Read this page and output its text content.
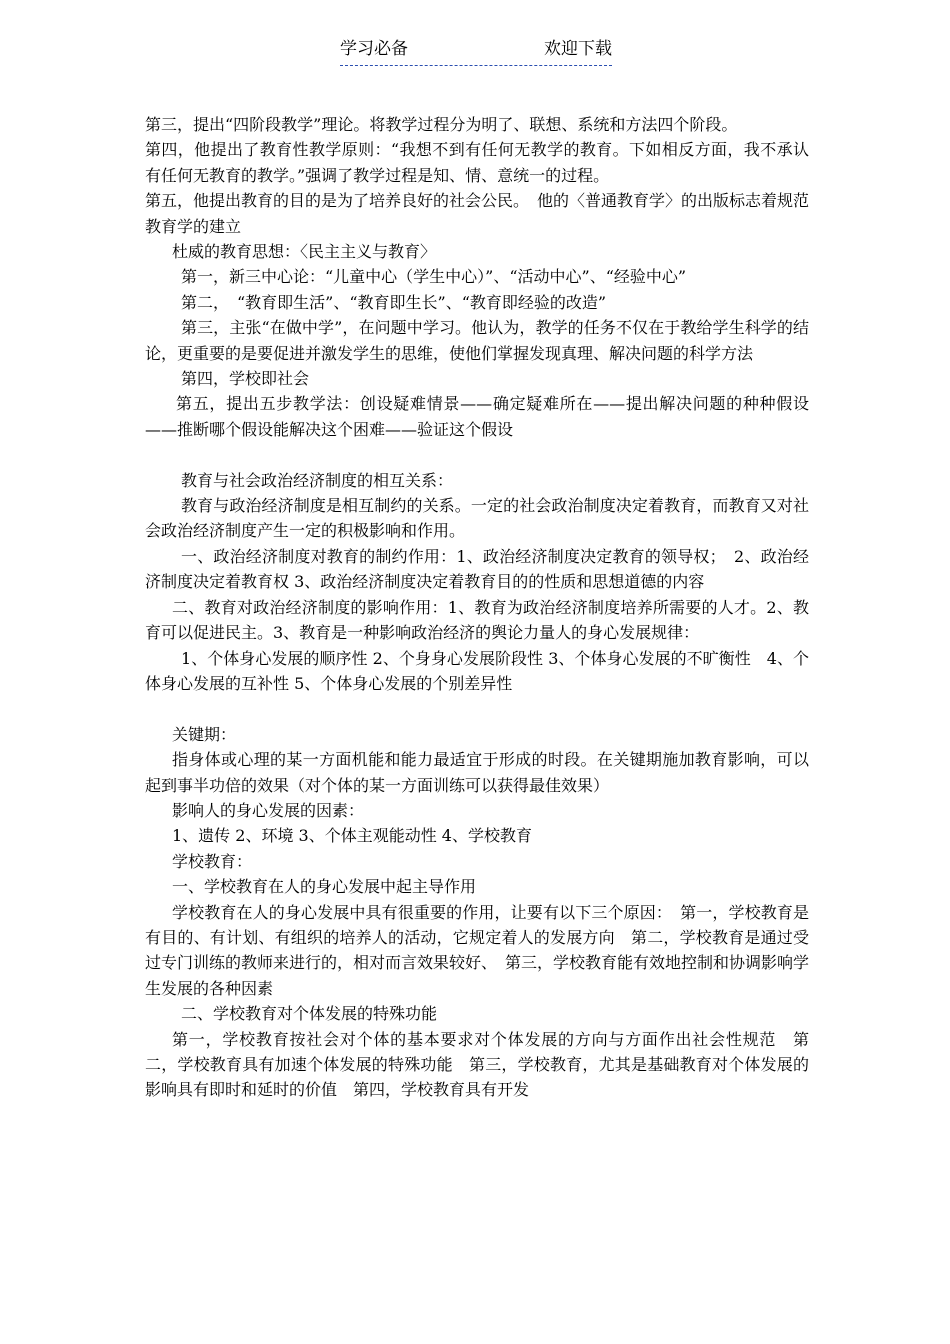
学习必备	欢迎下载

第三，提出“四阶段教学”理论。将教学过程分为明了、联想、系统和方法四个阶段。

第四，他提出了教育性教学原则：“我想不到有任何无教学的教育。下如相反方面，我不承认有任何无教育的教学。”强调了教学过程是知、情、意统一的过程。

第五，他提出教育的目的是为了培养良好的社会公民。　他的〈普通教育学〉的出版标志着规范教育学的建立

杜威的教育思想：〈民主主义与教育〉

第一，新三中心论：“儿童中心（学生中心）”、“活动中心”、“经验中心”

第二，　“教育即生活”、“教育即生长”、“教育即经验的改造”

第三，主张“在做中学”，在问题中学习。他认为，教学的任务不仅在于教给学生科学的结论，更重要的是要促进并激发学生的思维，使他们掌握发现真理、解决问题的科学方法

第四，学校即社会

第五，提出五步教学法：创设疑难情景——确定疑难所在——提出解决问题的种种假设——推断哪个假设能解决这个困难——验证这个假设

教育与社会政治经济制度的相互关系：

教育与政治经济制度是相互制约的关系。一定的社会政治制度决定着教育，而教育又对社会政治经济制度产生一定的积极影响和作用。

一、政治经济制度对教育的制约作用：1、政治经济制度决定教育的领导权；　2、政治经济制度决定着教育权 3、政治经济制度决定着教育目的的性质和思想道德的内容

二、教育对政治经济制度的影响作用：1、教育为政治经济制度培养所需要的人才。2、教育可以促进民主。3、教育是一种影响政治经济的舆论力量人的身心发展规律：

1、个体身心发展的顺序性 2、个身身心发展阶段性 3、个体身心发展的不旷衡性　4、个体身心发展的互补性 5、个体身心发展的个别差异性

关键期：

指身体或心理的某一方面机能和能力最适宜于形成的时段。在关键期施加教育影响，可以起到事半功倍的效果（对个体的某一方面训练可以获得最佳效果）

影响人的身心发展的因素：

1、遗传 2、环境 3、个体主观能动性 4、学校教育

学校教育：

一、学校教育在人的身心发展中起主导作用

学校教育在人的身心发展中具有很重要的作用，让要有以下三个原因：　第一，学校教育是有目的、有计划、有组织的培养人的活动，它规定着人的发展方向　第二，学校教育是通过受过专门训练的教师来进行的，相对而言效果较好、　第三，学校教育能有效地控制和协调影响学生发展的各种因素

二、学校教育对个体发展的特殊功能

第一，学校教育按社会对个体的基本要求对个体发展的方向与方面作出社会性规范　第二，学校教育具有加速个体发展的特殊功能　第三，学校教育，尤其是基础教育对个体发展的影响具有即时和延时的价值　第四，学校教育具有开发
